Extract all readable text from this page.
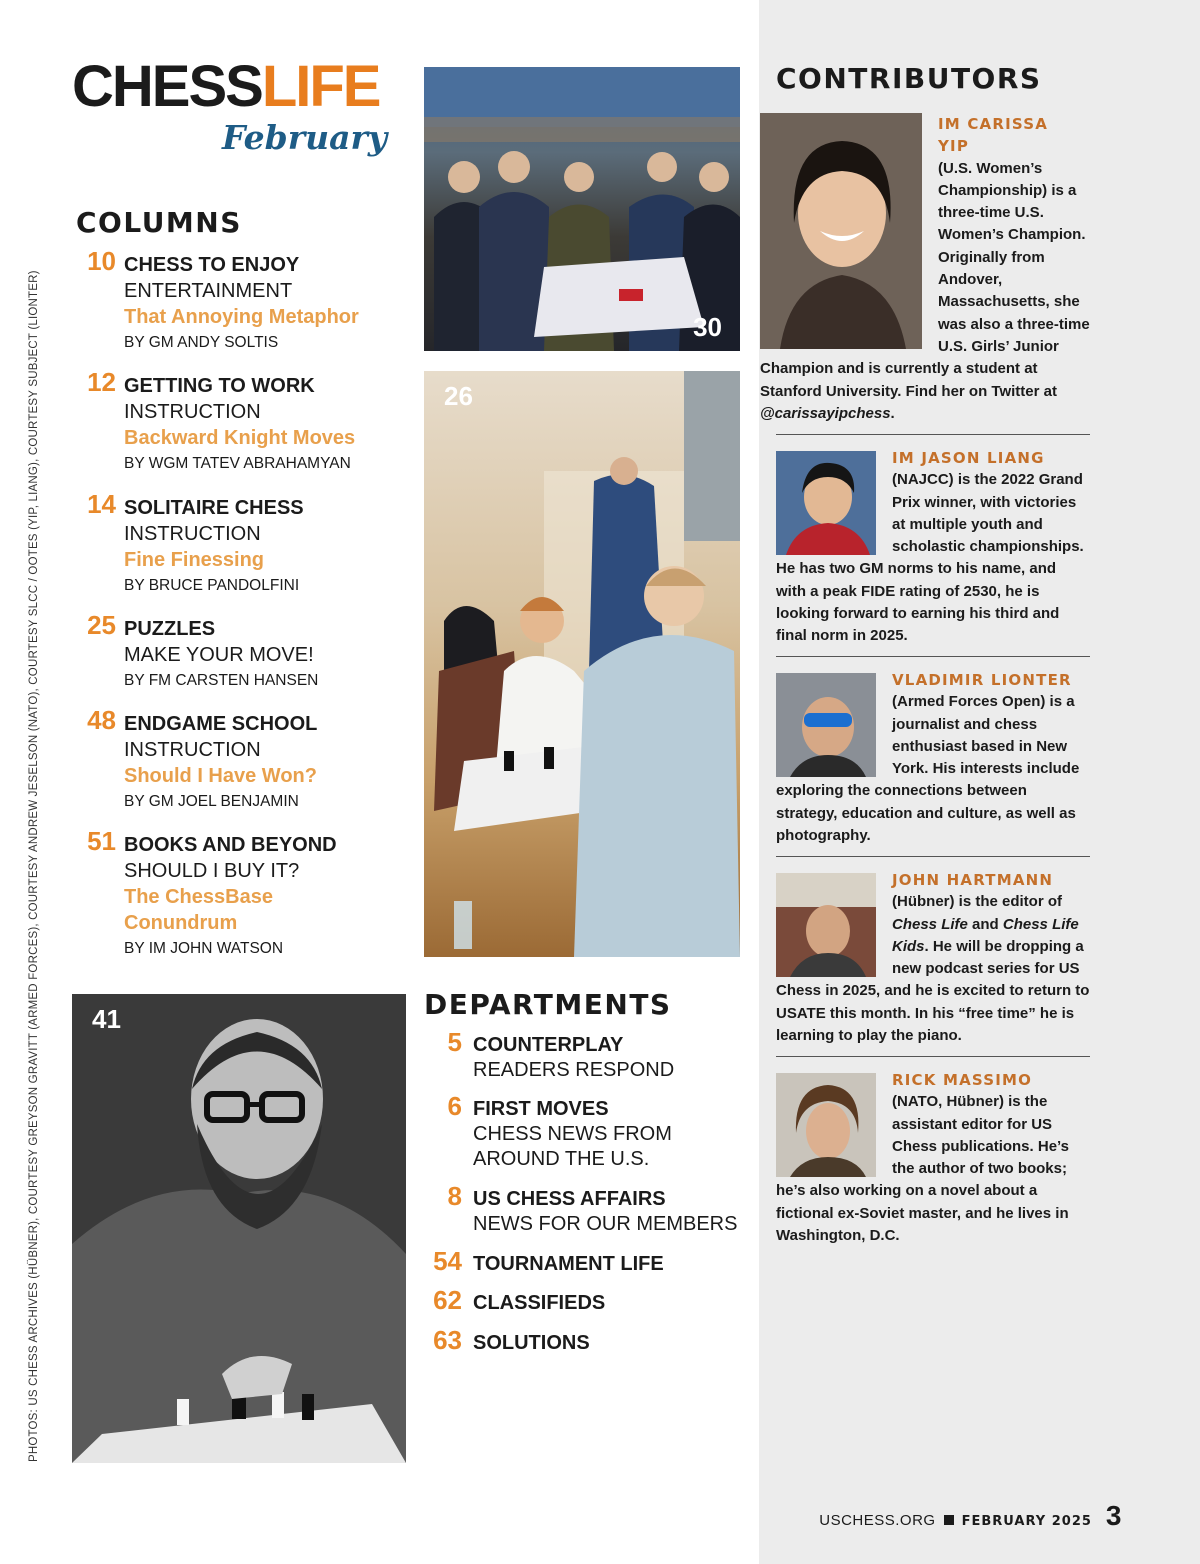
PHOTOS: US CHESS ARCHIVES (HÜBNER), COURTESY GREYSON GRAVITT (ARMED FORCES), COURTESY ANDREW JESELSON (NATO), COURTESY SLCC / OOTES (YIP, LIANG), COURTESY SUBJECT (LIONTER)
CHESSLIFE
February
COLUMNS
10 CHESS TO ENJOY
ENTERTAINMENT
That Annoying Metaphor
BY GM ANDY SOLTIS
12 GETTING TO WORK
INSTRUCTION
Backward Knight Moves
BY WGM TATEV ABRAHAMYAN
14 SOLITAIRE CHESS
INSTRUCTION
Fine Finessing
BY BRUCE PANDOLFINI
25 PUZZLES
MAKE YOUR MOVE!
BY FM CARSTEN HANSEN
48 ENDGAME SCHOOL
INSTRUCTION
Should I Have Won?
BY GM JOEL BENJAMIN
51 BOOKS AND BEYOND
SHOULD I BUY IT?
The ChessBase
Conundrum
BY IM JOHN WATSON
30
26
41	DEPARTMENTS
5 COUNTERPLAY
READERS RESPOND
6 FIRST MOVES
CHESS NEWS FROM
AROUND THE U.S.
8 US CHESS AFFAIRS
NEWS FOR OUR MEMBERS
54 TOURNAMENT LIFE
62 CLASSIFIEDS
63 SOLUTIONS
CONTRIBUTORS
IM CARISSA
YIP
(U.S. Women’s Championship) is a three-time U.S. Women’s Champion. Originally from Andover, Massachusetts, she was also a three-time U.S. Girls’ Junior Champion and is currently a student at Stanford University. Find her on Twitter at @carissayipchess.
IM JASON LIANG
(NAJCC) is the 2022 Grand Prix winner, with victories at multiple youth and scholastic championships. He has two GM norms to his name, and with a peak FIDE rating of 2530, he is looking forward to earning his third and final norm in 2025.
VLADIMIR LIONTER
(Armed Forces Open) is a journalist and chess enthusiast based in New York. His interests include exploring the connections between strategy, education and culture, as well as photography.
JOHN HARTMANN
(Hübner) is the editor of Chess Life and Chess Life Kids. He will be dropping a new podcast series for US Chess in 2025, and he is excited to return to USATE this month. In his “free time” he is learning to play the piano.
RICK MASSIMO
(NATO, Hübner) is the assistant editor for US Chess publications. He’s the author of two books; he’s also working on a novel about a fictional ex-Soviet master, and he lives in Washington, D.C.
USCHESS.ORG FEBRUARY 2025 3
